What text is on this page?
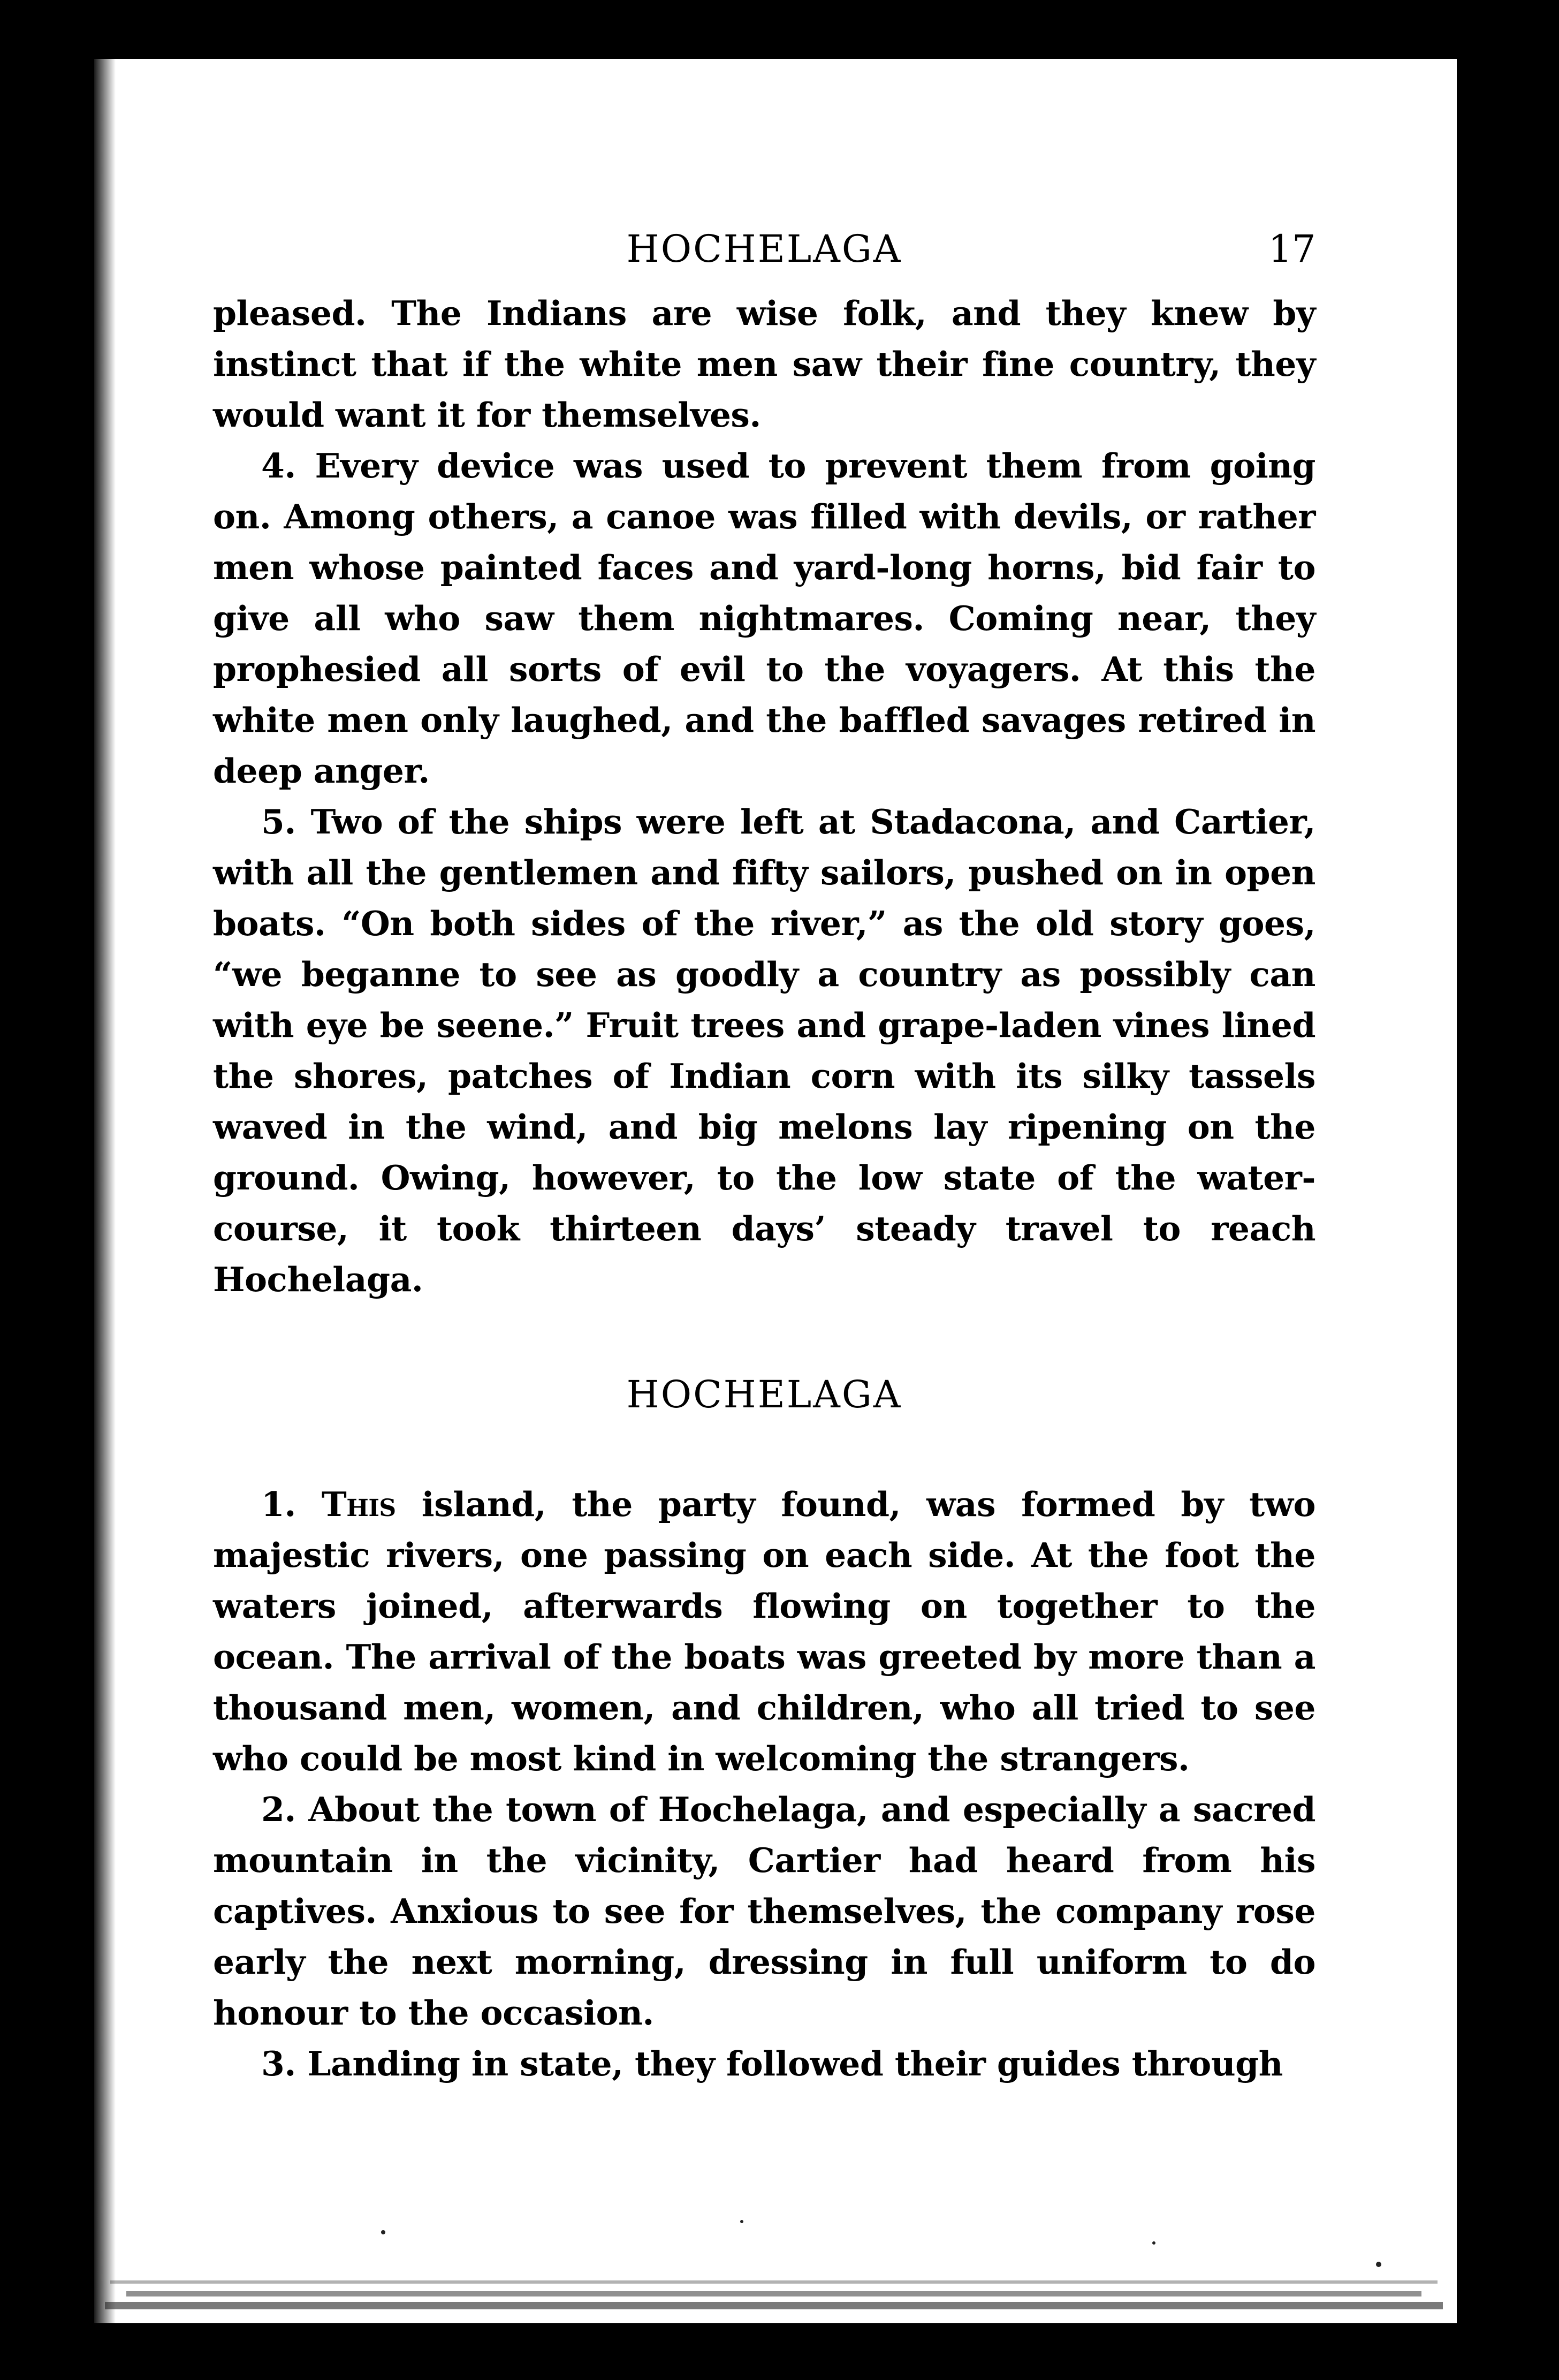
HOCHELAGA	17

pleased. The Indians are wise folk, and they knew by instinct that if the white men saw their fine country, they would want it for themselves.

4. Every device was used to prevent them from going on. Among others, a canoe was filled with devils, or rather men whose painted faces and yard-long horns, bid fair to give all who saw them nightmares. Coming near, they prophesied all sorts of evil to the voyagers. At this the white men only laughed, and the baffled savages retired in deep anger.

5. Two of the ships were left at Stadacona, and Cartier, with all the gentlemen and fifty sailors, pushed on in open boats. “On both sides of the river,” as the old story goes, “we beganne to see as goodly a country as possibly can with eye be seene.” Fruit trees and grape-laden vines lined the shores, patches of Indian corn with its silky tassels waved in the wind, and big melons lay ripening on the ground. Owing, however, to the low state of the water-course, it took thirteen days’ steady travel to reach Hochelaga.

HOCHELAGA

1. This island, the party found, was formed by two majestic rivers, one passing on each side. At the foot the waters joined, afterwards flowing on together to the ocean. The arrival of the boats was greeted by more than a thousand men, women, and children, who all tried to see who could be most kind in welcoming the strangers.

2. About the town of Hochelaga, and especially a sacred mountain in the vicinity, Cartier had heard from his captives. Anxious to see for themselves, the company rose early the next morning, dressing in full uniform to do honour to the occasion.

3. Landing in state, they followed their guides through
